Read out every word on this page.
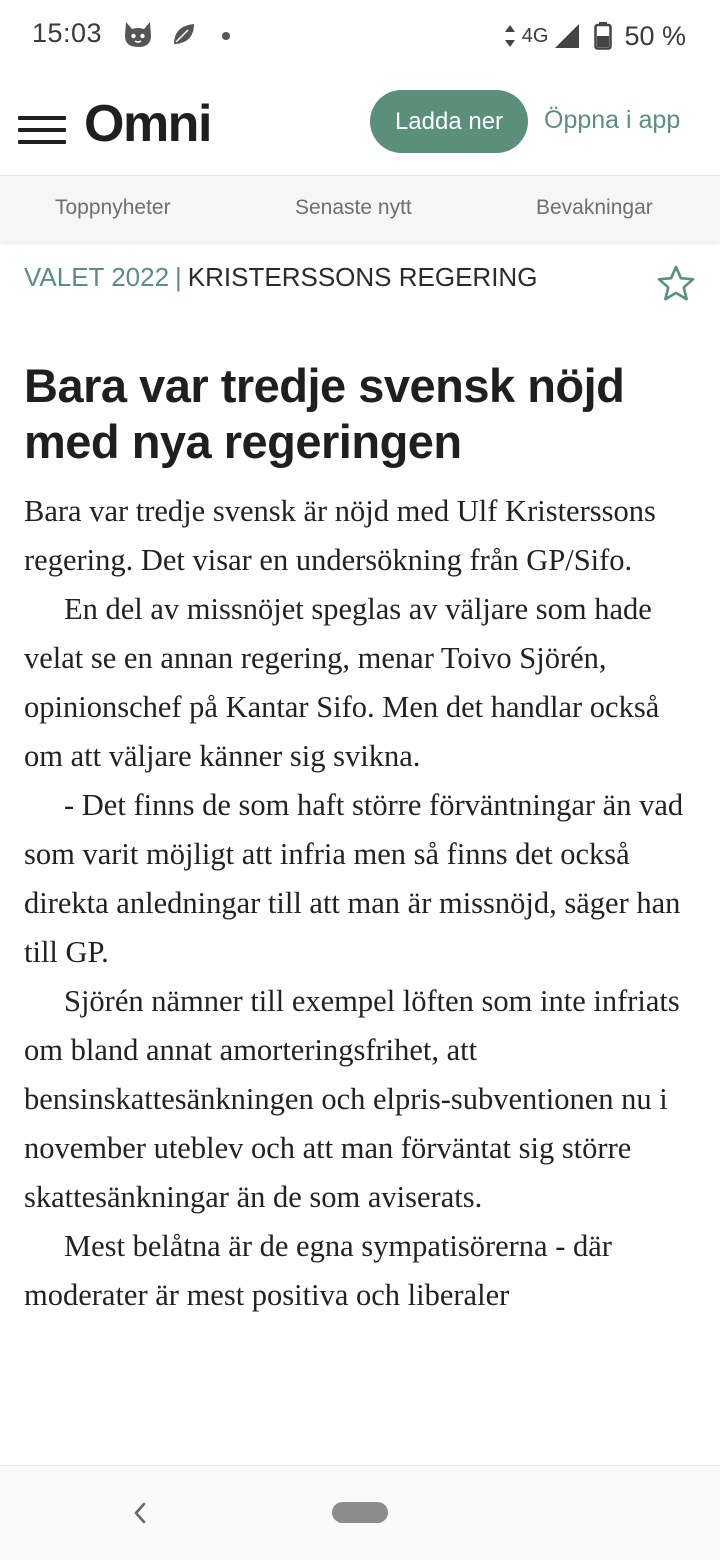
15:03	4G	50 %
Omni	Ladda ner	Öppna i app
Toppnyheter	Senaste nytt	Bevakningar
VALET 2022 | KRISTERSSONS REGERING
Bara var tredje svensk nöjd med nya regeringen

Bara var tredje svensk är nöjd med Ulf Kristerssons regering. Det visar en undersökning från GP/Sifo.

En del av missnöjet speglas av väljare som hade velat se en annan regering, menar Toivo Sjörén, opinionschef på Kantar Sifo. Men det handlar också om att väljare känner sig svikna.

- Det finns de som haft större förväntningar än vad som varit möjligt att infria men så finns det också direkta anledningar till att man är missnöjd, säger han till GP.

Sjörén nämner till exempel löften som inte infriats om bland annat amorteringsfrihet, att bensinskattesänkningen och elpris-subventionen nu i november uteblev och att man förväntat sig större skattesänkningar än de som aviserats.

Mest belåtna är de egna sympatisörerna - där moderater är mest positiva och liberaler
